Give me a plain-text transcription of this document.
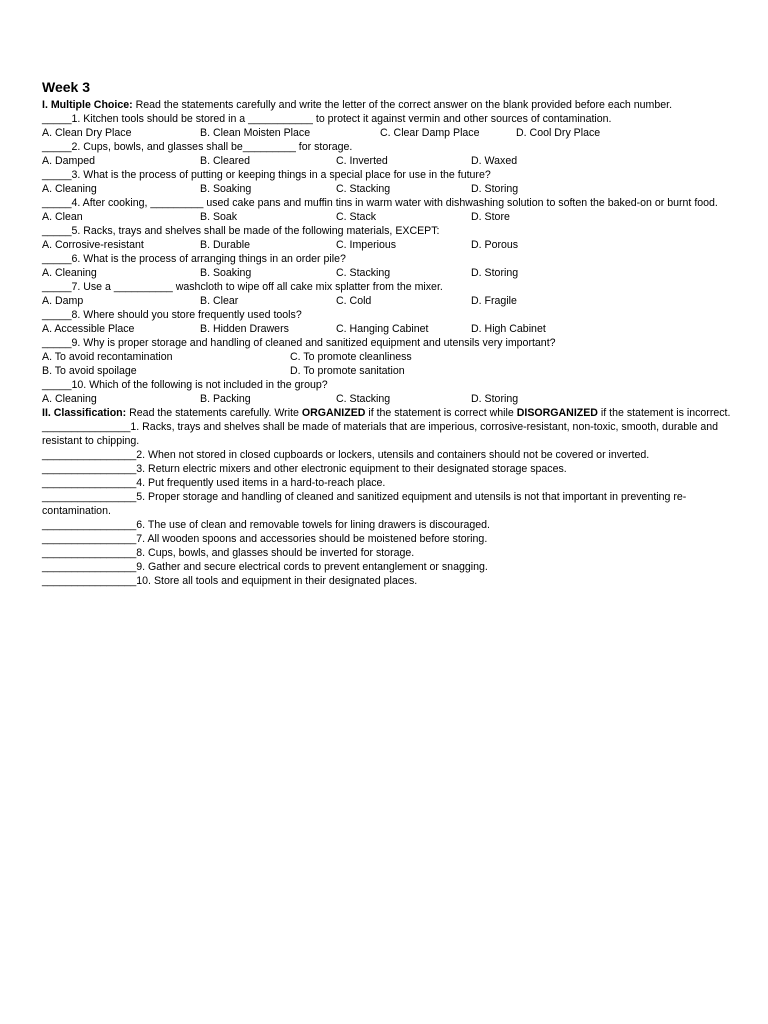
Week 3
I. Multiple Choice: Read the statements carefully and write the letter of the correct answer on the blank provided before each number.
_____1. Kitchen tools should be stored in a ___________ to protect it against vermin and other sources of contamination.
A. Clean Dry Place	B. Clean Moisten Place	C. Clear Damp Place	D. Cool Dry Place
_____2. Cups, bowls, and glasses shall be_________ for storage.
A. Damped	B. Cleared	C. Inverted	D. Waxed
_____3. What is the process of putting or keeping things in a special place for use in the future?
A. Cleaning	B. Soaking	C. Stacking	D. Storing
_____4. After cooking, _________ used cake pans and muffin tins in warm water with dishwashing solution to soften the baked-on or burnt food.
A. Clean	B. Soak	C. Stack	D. Store
_____5. Racks, trays and shelves shall be made of the following materials, EXCEPT:
A. Corrosive-resistant	B. Durable	C. Imperious	D. Porous
_____6. What is the process of arranging things in an order pile?
A. Cleaning	B. Soaking	C. Stacking	D. Storing
_____7. Use a __________ washcloth to wipe off all cake mix splatter from the mixer.
A. Damp	B. Clear	C. Cold	D. Fragile
_____8. Where should you store frequently used tools?
A. Accessible Place	B. Hidden Drawers	C. Hanging Cabinet	D. High Cabinet
_____9. Why is proper storage and handling of cleaned and sanitized equipment and utensils very important?
A. To avoid recontamination	C. To promote cleanliness
B. To avoid spoilage	D. To promote sanitation
_____10. Which of the following is not included in the group?
A. Cleaning	B. Packing	C. Stacking	D. Storing
II. Classification: Read the statements carefully. Write ORGANIZED if the statement is correct while DISORGANIZED if the statement is incorrect.
_______________1. Racks, trays and shelves shall be made of materials that are imperious, corrosive-resistant, non-toxic, smooth, durable and resistant to chipping.
________________2. When not stored in closed cupboards or lockers, utensils and containers should not be covered or inverted.
________________3. Return electric mixers and other electronic equipment to their designated storage spaces.
________________4. Put frequently used items in a hard-to-reach place.
________________5. Proper storage and handling of cleaned and sanitized equipment and utensils is not that important in preventing re-contamination.
________________6. The use of clean and removable towels for lining drawers is discouraged.
________________7. All wooden spoons and accessories should be moistened before storing.
________________8. Cups, bowls, and glasses should be inverted for storage.
________________9. Gather and secure electrical cords to prevent entanglement or snagging.
________________10. Store all tools and equipment in their designated places.
